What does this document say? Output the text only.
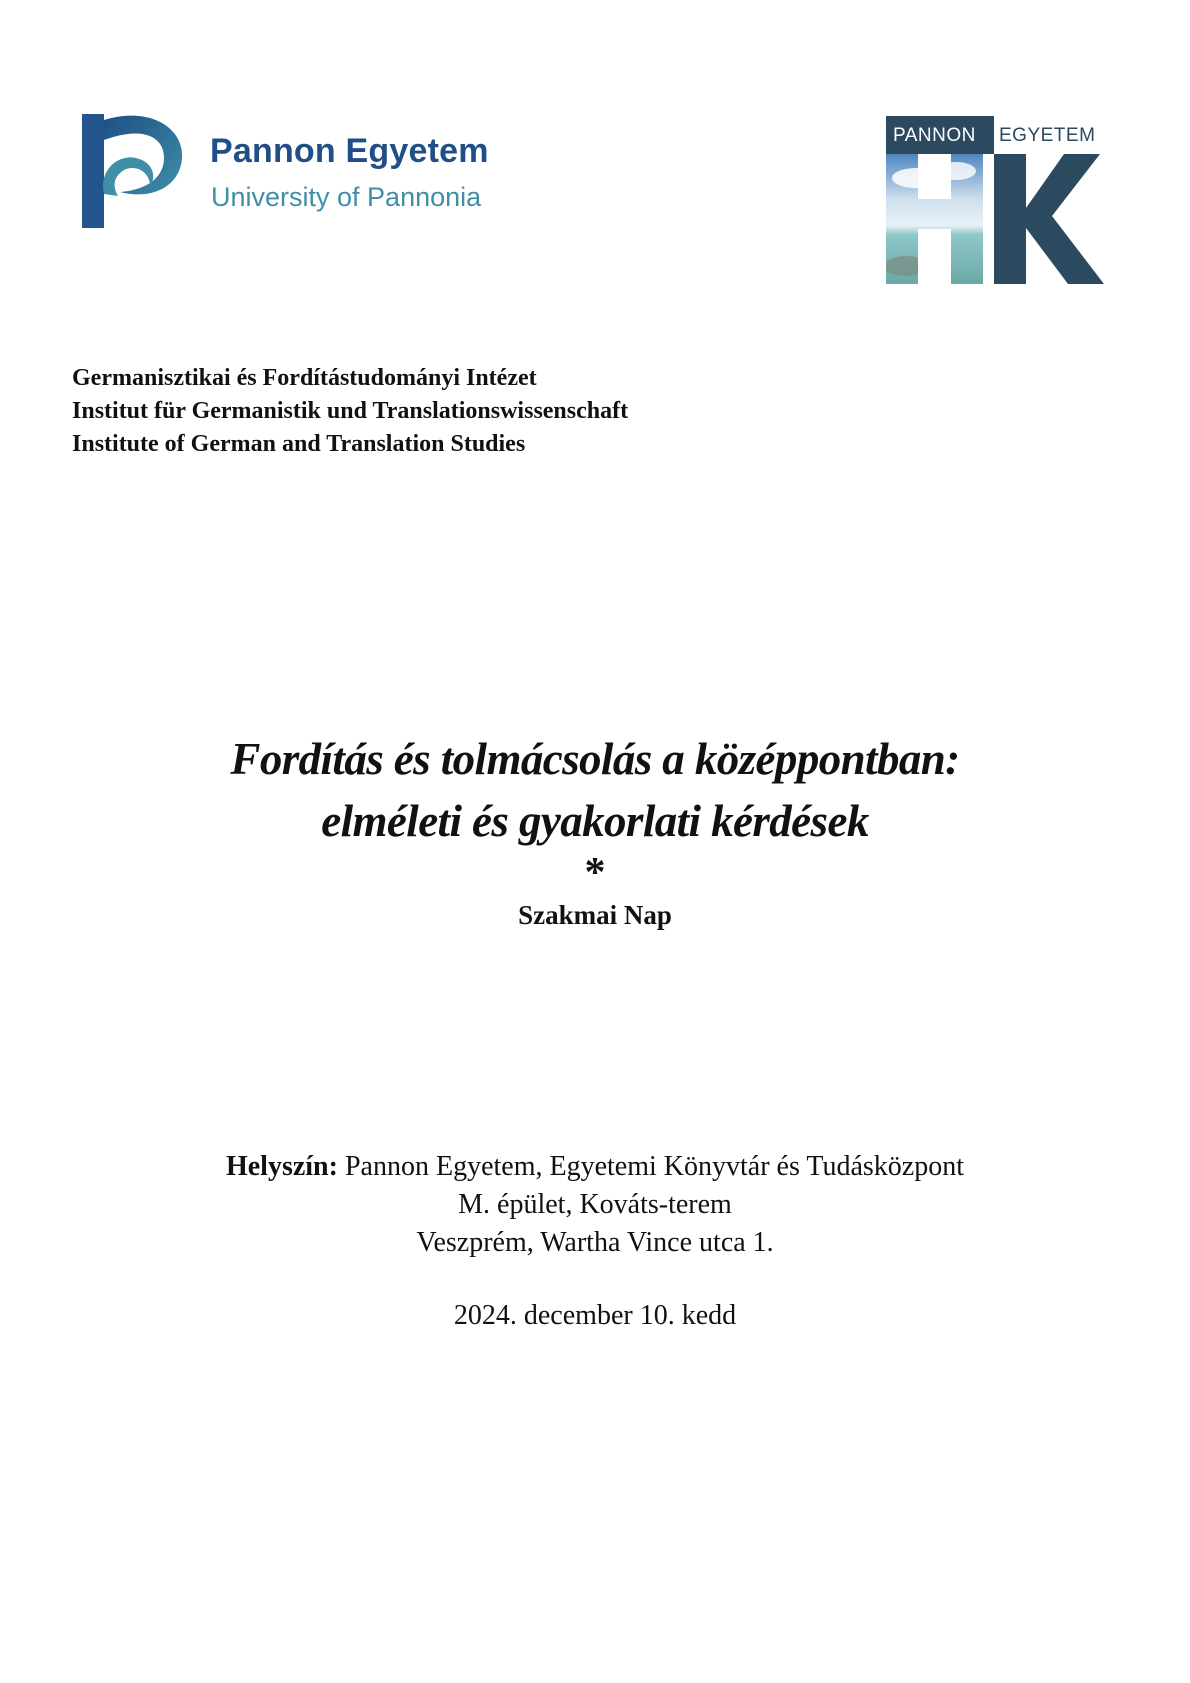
Pannon Egyetem

University of Pannonia

PANNON EGYETEM

Germanisztikai és Fordítástudományi Intézet
Institut für Germanistik und Translationswissenschaft
Institute of German and Translation Studies

Fordítás és tolmácsolás a középpontban:
elméleti és gyakorlati kérdések
*
Szakmai Nap
Helyszín: Pannon Egyetem, Egyetemi Könyvtár és Tudásközpont
M. épület, Kováts-terem
Veszprém, Wartha Vince utca 1.
2024. december 10. kedd
